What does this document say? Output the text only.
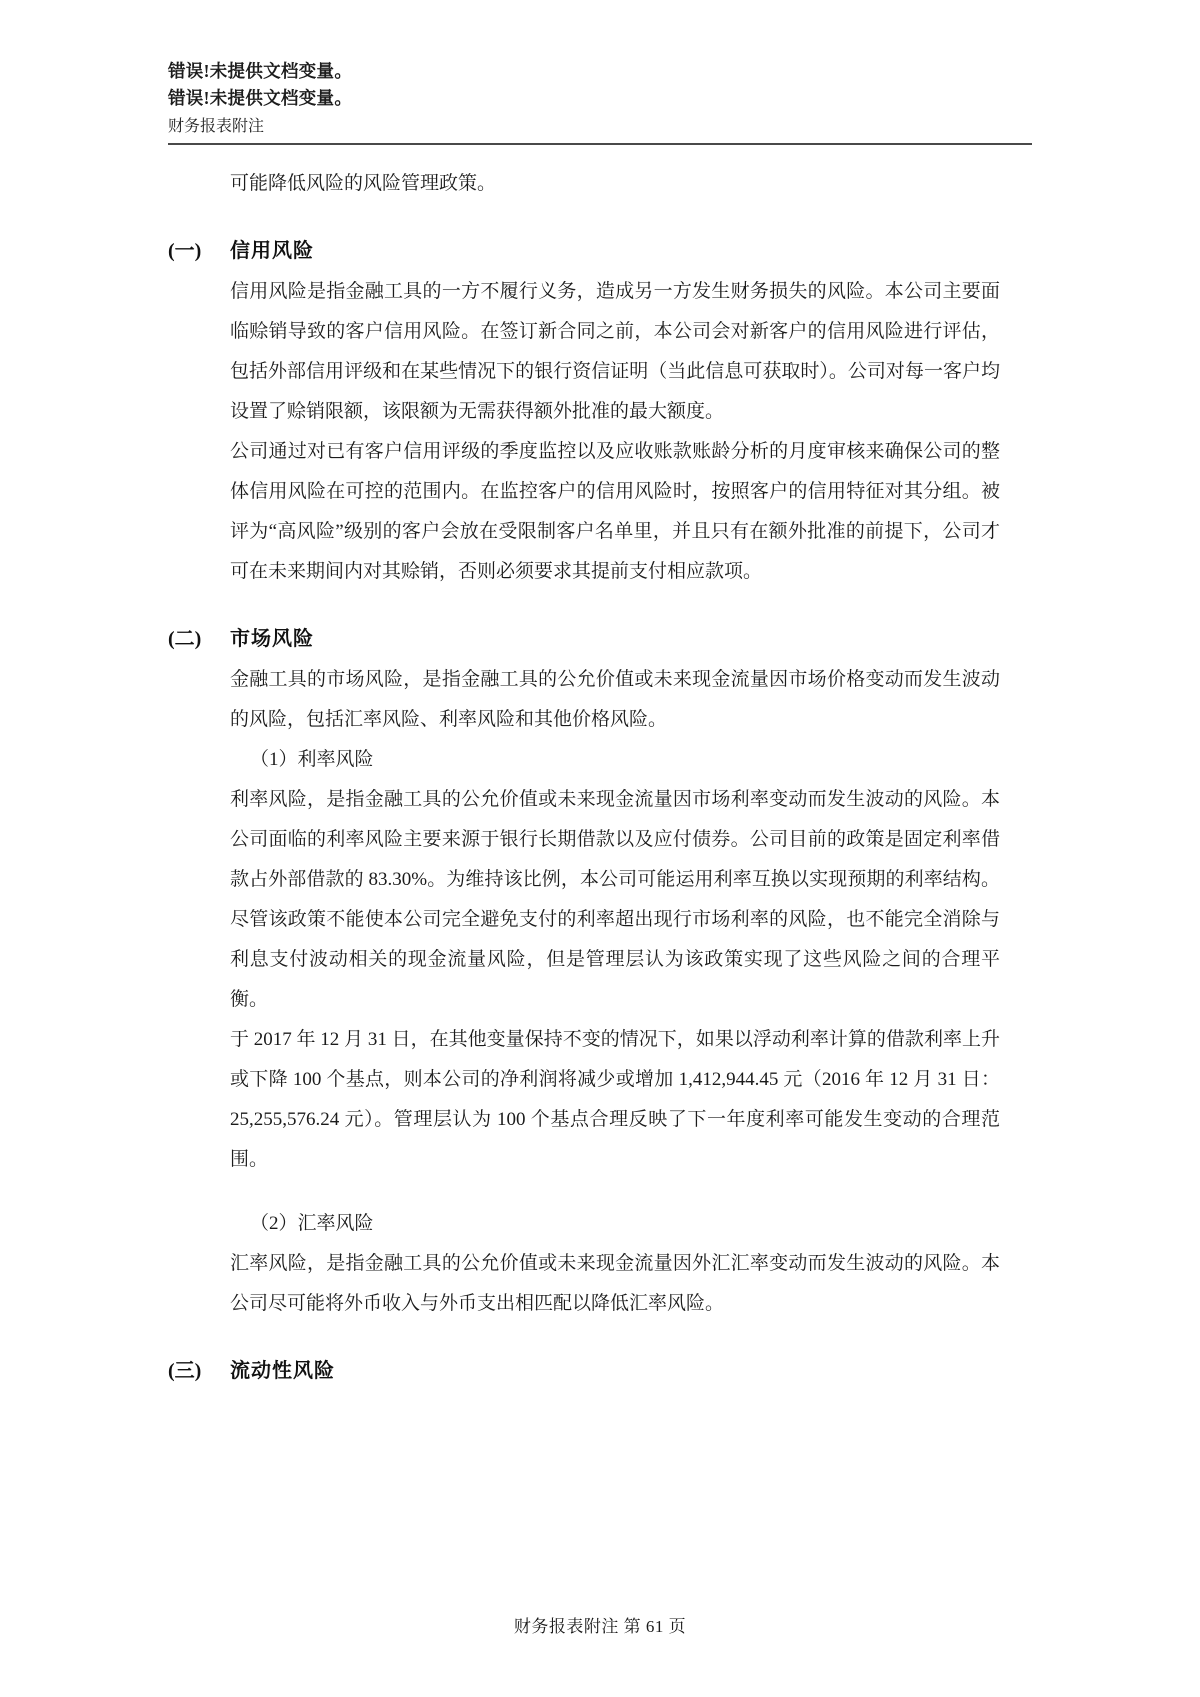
错误!未提供文档变量。
错误!未提供文档变量。
财务报表附注

可能降低风险的风险管理政策。

(一) 信用风险

信用风险是指金融工具的一方不履行义务，造成另一方发生财务损失的风险。本公司主要面临赊销导致的客户信用风险。在签订新合同之前，本公司会对新客户的信用风险进行评估，包括外部信用评级和在某些情况下的银行资信证明（当此信息可获取时）。公司对每一客户均设置了赊销限额，该限额为无需获得额外批准的最大额度。

公司通过对已有客户信用评级的季度监控以及应收账款账龄分析的月度审核来确保公司的整体信用风险在可控的范围内。在监控客户的信用风险时，按照客户的信用特征对其分组。被评为“高风险”级别的客户会放在受限制客户名单里，并且只有在额外批准的前提下，公司才可在未来期间内对其赊销，否则必须要求其提前支付相应款项。

(二) 市场风险

金融工具的市场风险，是指金融工具的公允价值或未来现金流量因市场价格变动而发生波动的风险，包括汇率风险、利率风险和其他价格风险。

（1）利率风险

利率风险，是指金融工具的公允价值或未来现金流量因市场利率变动而发生波动的风险。本公司面临的利率风险主要来源于银行长期借款以及应付债券。公司目前的政策是固定利率借款占外部借款的 83.30%。为维持该比例，本公司可能运用利率互换以实现预期的利率结构。尽管该政策不能使本公司完全避免支付的利率超出现行市场利率的风险，也不能完全消除与利息支付波动相关的现金流量风险，但是管理层认为该政策实现了这些风险之间的合理平衡。

于 2017 年 12 月 31 日，在其他变量保持不变的情况下，如果以浮动利率计算的借款利率上升或下降 100 个基点，则本公司的净利润将减少或增加 1,412,944.45 元（2016 年 12 月 31 日：25,255,576.24 元）。管理层认为 100 个基点合理反映了下一年度利率可能发生变动的合理范围。

（2）汇率风险

汇率风险，是指金融工具的公允价值或未来现金流量因外汇汇率变动而发生波动的风险。本公司尽可能将外币收入与外币支出相匹配以降低汇率风险。

(三) 流动性风险
财务报表附注 第 61 页
